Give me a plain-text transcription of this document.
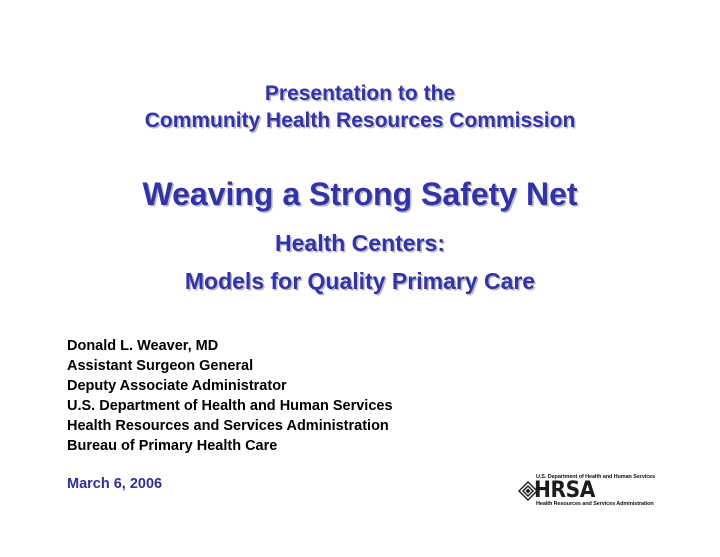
Presentation to the
Community Health Resources Commission
Weaving a Strong Safety Net
Health Centers:
Models for Quality Primary Care
Donald L. Weaver, MD
Assistant Surgeon General
Deputy Associate Administrator
U.S. Department of Health and Human Services
Health Resources and Services Administration
Bureau of Primary Health Care
March 6, 2006	U.S. Department of Health and Human Services
HRSA
Health Resources and Services Administration
